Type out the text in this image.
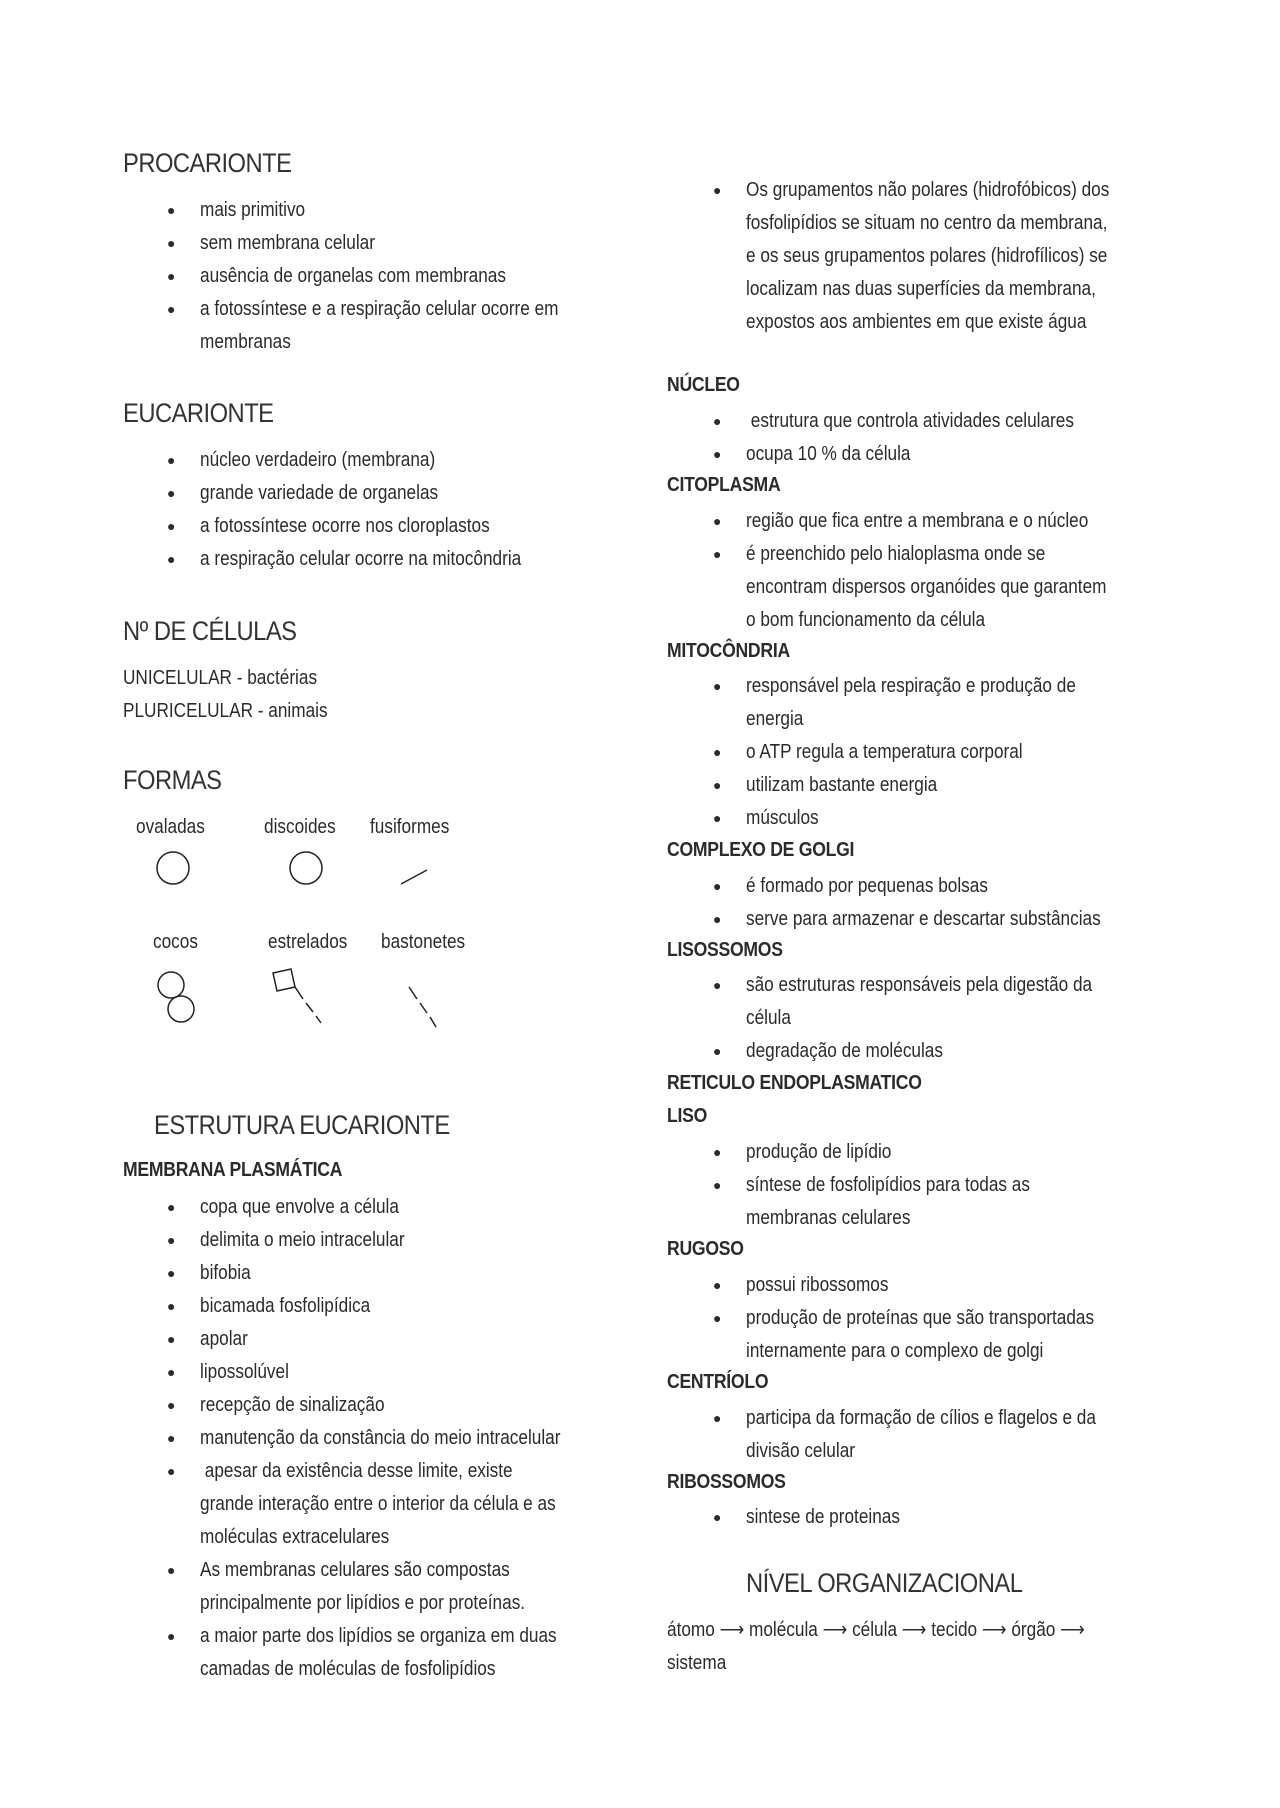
PROCARIONTE
● mais primitivo
● sem membrana celular
● ausência de organelas com membranas
● a fotossíntese e a respiração celular ocorre em
membranas
EUCARIONTE
● núcleo verdadeiro (membrana)
● grande variedade de organelas
● a fotossíntese ocorre nos cloroplastos
● a respiração celular ocorre na mitocôndria
Nº DE CÉLULAS

UNICELULAR - bactérias

PLURICELULAR - animais

FORMAS
ovaladas	discoides fusiformes
cocos	estrelados bastonetes
ESTRUTURA EUCARIONTE
MEMBRANA PLASMÁTICA
● copa que envolve a célula
● delimita o meio intracelular
● bifobia
● bicamada fosfolipídica
● apolar
● lipossolúvel
● recepção de sinalização
● manutenção da constância do meio intracelular
● apesar da existência desse limite, existe
grande interação entre o interior da célula e as
moléculas extracelulares
● As membranas celulares são compostas
principalmente por lipídios e por proteínas.
● a maior parte dos lipídios se organiza em duas
camadas de moléculas de fosfolipídios
● Os grupamentos não polares (hidrofóbicos) dos
fosfolipídios se situam no centro da membrana,
e os seus grupamentos polares (hidrofílicos) se
localizam nas duas superfícies da membrana,
expostos aos ambientes em que existe água
NÚCLEO
● estrutura que controla atividades celulares
● ocupa 10 % da célula
CITOPLASMA
● região que fica entre a membrana e o núcleo
● é preenchido pelo hialoplasma onde se
encontram dispersos organóides que garantem
o bom funcionamento da célula
MITOCÔNDRIA
● responsável pela respiração e produção de
energia
● o ATP regula a temperatura corporal
● utilizam bastante energia
● músculos
COMPLEXO DE GOLGI
● é formado por pequenas bolsas
● serve para armazenar e descartar substâncias
LISOSSOMOS
● são estruturas responsáveis pela digestão da
célula
● degradação de moléculas
RETICULO ENDOPLASMATICO
LISO
● produção de lipídio
● síntese de fosfolipídios para todas as
membranas celulares
RUGOSO
● possui ribossomos
● produção de proteínas que são transportadas
internamente para o complexo de golgi
CENTRÍOLO
● participa da formação de cílios e flagelos e da
divisão celular
RIBOSSOMOS
● sintese de proteinas
NÍVEL ORGANIZACIONAL

átomo ⟶ molécula ⟶ célula ⟶ tecido ⟶ órgão ⟶

sistema
